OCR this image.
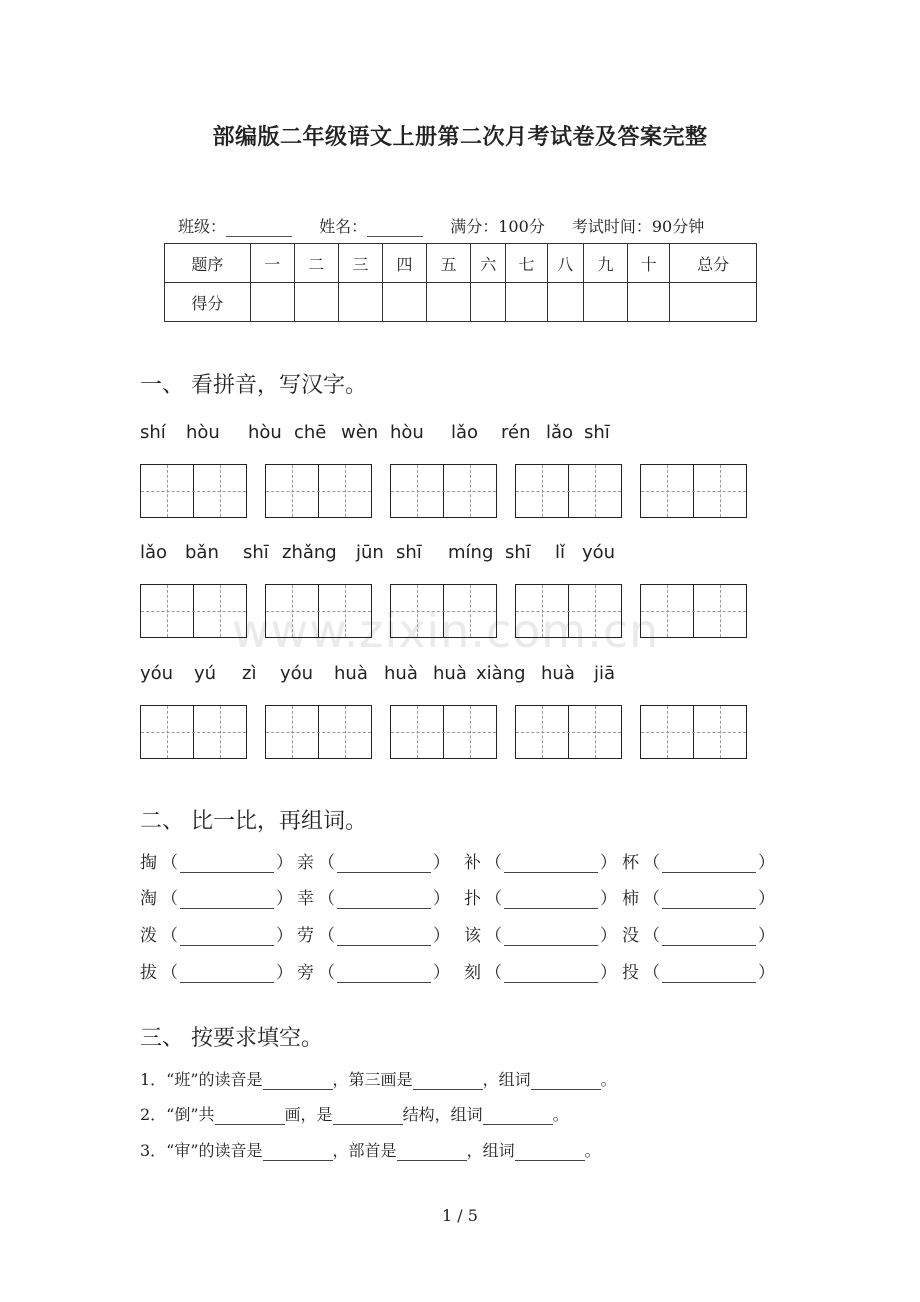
www.zixin.com.cn
部编版二年级语文上册第二次月考试卷及答案完整
班级：	姓名：	满分：100分 考试时间：90分钟
题序	一	二	三	四	五	六	七	八	九	十	总分
得分											
一、 看拼音，写汉字。
shí hòu hòu chē wèn hòu lǎo rén lǎo shī
lǎo bǎn shī zhǎng jūn shī míng shī lǐ yóu
yóu yú zì yóu huà huà huà xiàng huà jiā
二、 比一比，再组词。
掏 （	） 亲 （	） 补 （	） 杯 （	）
淘 （	） 幸 （	） 扑 （	） 柿 （	）
泼 （	） 劳 （	） 该 （	） 没 （	）
拔 （	） 旁 （	） 刻 （	） 投 （	）
三、 按要求填空。
1．“班”的读音是	，第三画是	，组词	。
2．“倒”共	画，是	结构，组词	。
3．“审”的读音是	，部首是	，组词	。
1 / 5
